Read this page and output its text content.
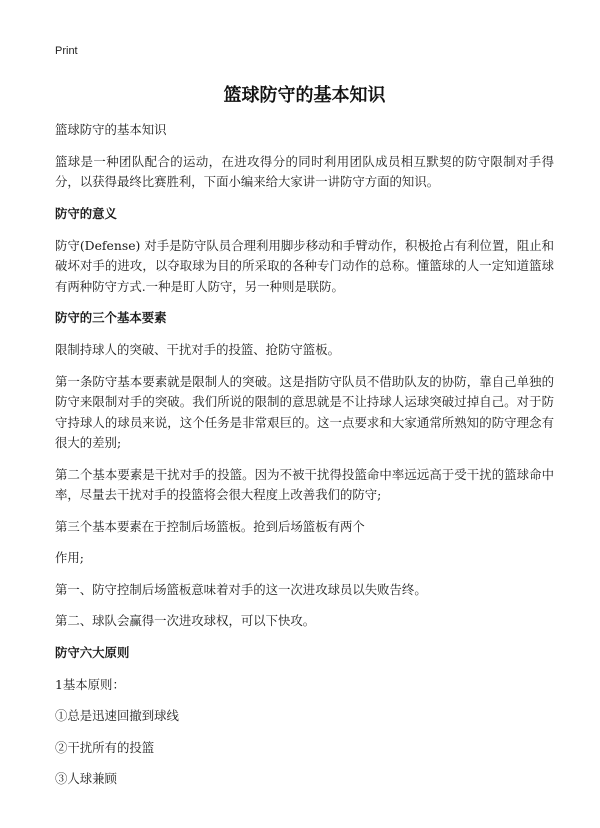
Print
篮球防守的基本知识

篮球防守的基本知识

篮球是一种团队配合的运动，在进攻得分的同时利用团队成员相互默契的防守限制对手得分，以获得最终比赛胜利，下面小编来给大家讲一讲防守方面的知识。

防守的意义

防守(Defense) 对手是防守队员合理利用脚步移动和手臂动作，积极抢占有利位置，阻止和破坏对手的进攻，以夺取球为目的所采取的各种专门动作的总称。懂篮球的人一定知道篮球有两种防守方式.一种是盯人防守，另一种则是联防。

防守的三个基本要素

限制持球人的突破、干扰对手的投篮、抢防守篮板。

第一条防守基本要素就是限制人的突破。这是指防守队员不借助队友的协防，靠自己单独的防守来限制对手的突破。我们所说的限制的意思就是不让持球人运球突破过掉自己。对于防守持球人的球员来说，这个任务是非常艰巨的。这一点要求和大家通常所熟知的防守理念有很大的差别;

第二个基本要素是干扰对手的投篮。因为不被干扰得投篮命中率远远高于受干扰的篮球命中率，尽量去干扰对手的投篮将会很大程度上改善我们的防守;

第三个基本要素在于控制后场篮板。抢到后场篮板有两个

作用;

第一、防守控制后场篮板意味着对手的这一次进攻球员以失败告终。

第二、球队会赢得一次进攻球权，可以下快攻。

防守六大原则

1基本原则：

①总是迅速回撤到球线

②干扰所有的投篮

③人球兼顾
